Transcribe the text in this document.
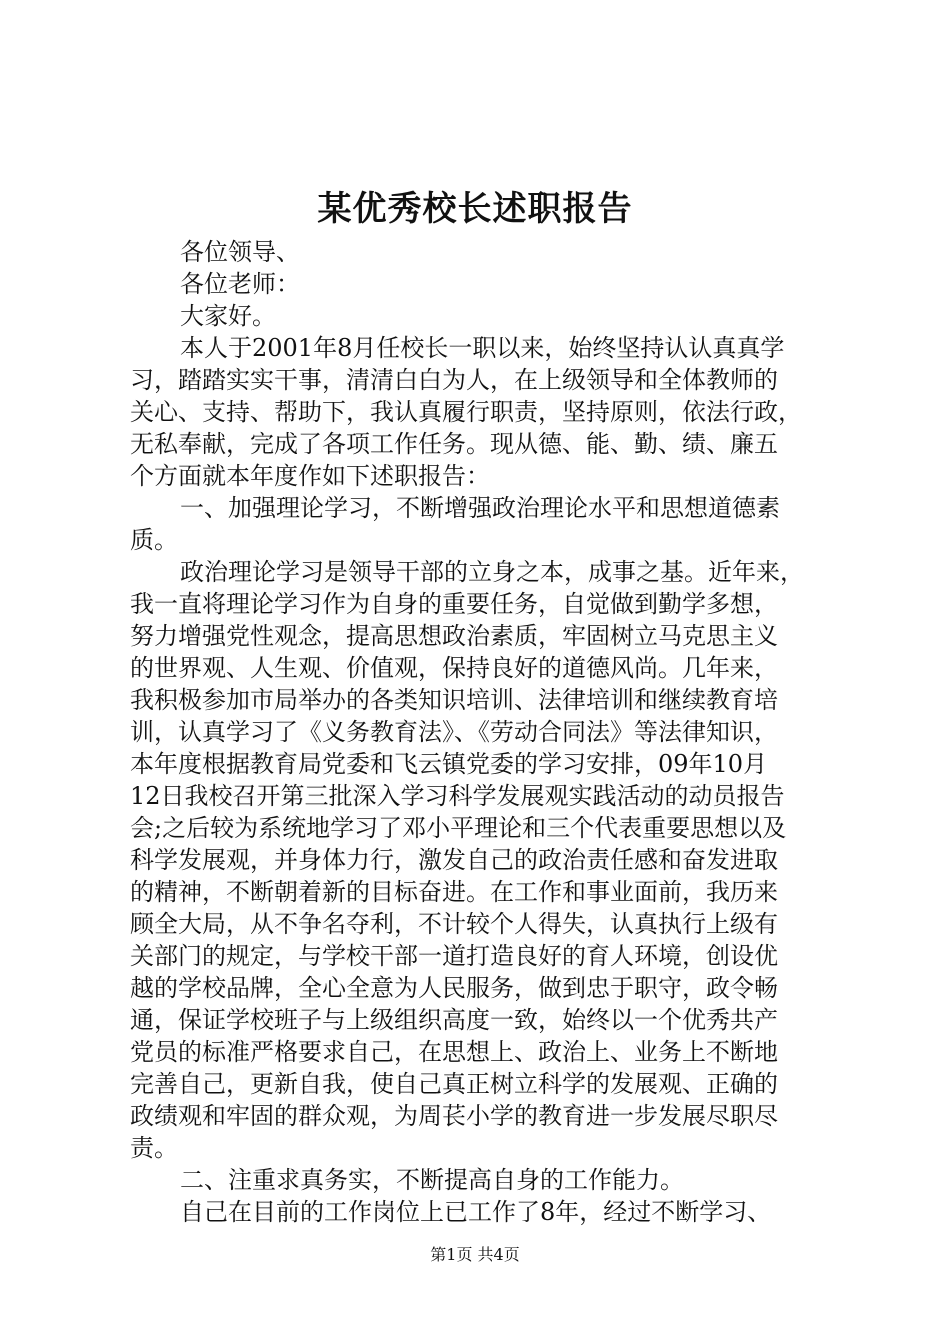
某优秀校长述职报告
各位领导、
各位老师：
大家好。
本人于2001年8月任校长一职以来，始终坚持认认真真学
习，踏踏实实干事，清清白白为人，在上级领导和全体教师的
关心、支持、帮助下，我认真履行职责，坚持原则，依法行政，
无私奉献，完成了各项工作任务。现从德、能、勤、绩、廉五
个方面就本年度作如下述职报告：
一、加强理论学习，不断增强政治理论水平和思想道德素
质。
政治理论学习是领导干部的立身之本，成事之基。近年来，
我一直将理论学习作为自身的重要任务，自觉做到勤学多想，
努力增强党性观念，提高思想政治素质，牢固树立马克思主义
的世界观、人生观、价值观，保持良好的道德风尚。几年来，
我积极参加市局举办的各类知识培训、法律培训和继续教育培
训，认真学习了《义务教育法》、《劳动合同法》等法律知识，
本年度根据教育局党委和飞云镇党委的学习安排，09年10月
12日我校召开第三批深入学习科学发展观实践活动的动员报告
会;之后较为系统地学习了邓小平理论和三个代表重要思想以及
科学发展观，并身体力行，激发自己的政治责任感和奋发进取
的精神，不断朝着新的目标奋进。在工作和事业面前，我历来
顾全大局，从不争名夺利，不计较个人得失，认真执行上级有
关部门的规定，与学校干部一道打造良好的育人环境，创设优
越的学校品牌，全心全意为人民服务，做到忠于职守，政令畅
通，保证学校班子与上级组织高度一致，始终以一个优秀共产
党员的标准严格要求自己，在思想上、政治上、业务上不断地
完善自己，更新自我，使自己真正树立科学的发展观、正确的
政绩观和牢固的群众观，为周苌小学的教育进一步发展尽职尽
责。
二、注重求真务实，不断提高自身的工作能力。
自己在目前的工作岗位上已工作了8年，经过不断学习、
第1页 共4页
